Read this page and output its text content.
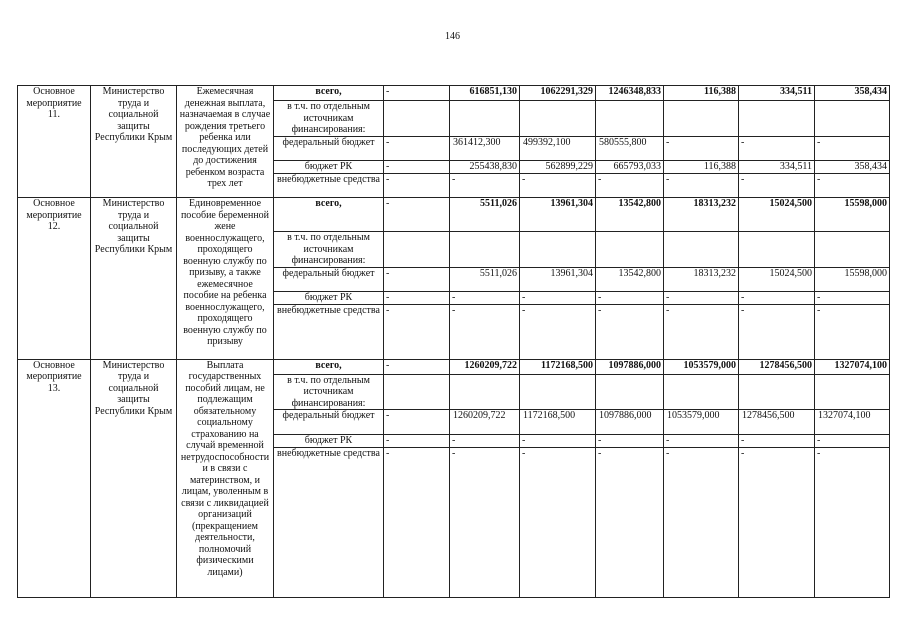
146
Основное мероприятие 11.	Министерство труда и социальной защиты Республики Крым	Ежемесячная денежная выплата, назначаемая в случае рождения третьего ребенка или последующих детей до достижения ребенком возраста трех лет	всего,	-	616851,130	1062291,329	1246348,833	116,388	334,511	358,434
			в т.ч. по отдельным источникам финансирования:							
			федеральный бюджет	-	361412,300	499392,100	580555,800	-	-	-
			бюджет РК	-	255438,830	562899,229	665793,033	116,388	334,511	358,434
			внебюджетные средства	-	-	-	-	-	-	-
Основное мероприятие 12.	Министерство труда и социальной защиты Республики Крым	Единовременное пособие беременной жене военнослужащего, проходящего военную службу по призыву, а также ежемесячное пособие на ребенка военнослужащего, проходящего военную службу по призыву	всего,	-	5511,026	13961,304	13542,800	18313,232	15024,500	15598,000
			в т.ч. по отдельным источникам финансирования:							
			федеральный бюджет	-	5511,026	13961,304	13542,800	18313,232	15024,500	15598,000
			бюджет РК	-	-	-	-	-	-	-
			внебюджетные средства	-	-	-	-	-	-	-
Основное мероприятие 13.	Министерство труда и социальной защиты Республики Крым	Выплата государственных пособий лицам, не подлежащим обязательному социальному страхованию на случай временной нетрудоспособности и в связи с материнством, и лицам, уволенным в связи с ликвидацией организаций (прекращением деятельности, полномочий физическими лицами)	всего,	-	1260209,722	1172168,500	1097886,000	1053579,000	1278456,500	1327074,100
			в т.ч. по отдельным источникам финансирования:							
			федеральный бюджет	-	1260209,722	1172168,500	1097886,000	1053579,000	1278456,500	1327074,100
			бюджет РК	-	-	-	-	-	-	-
			внебюджетные средства	-	-	-	-	-	-	-
